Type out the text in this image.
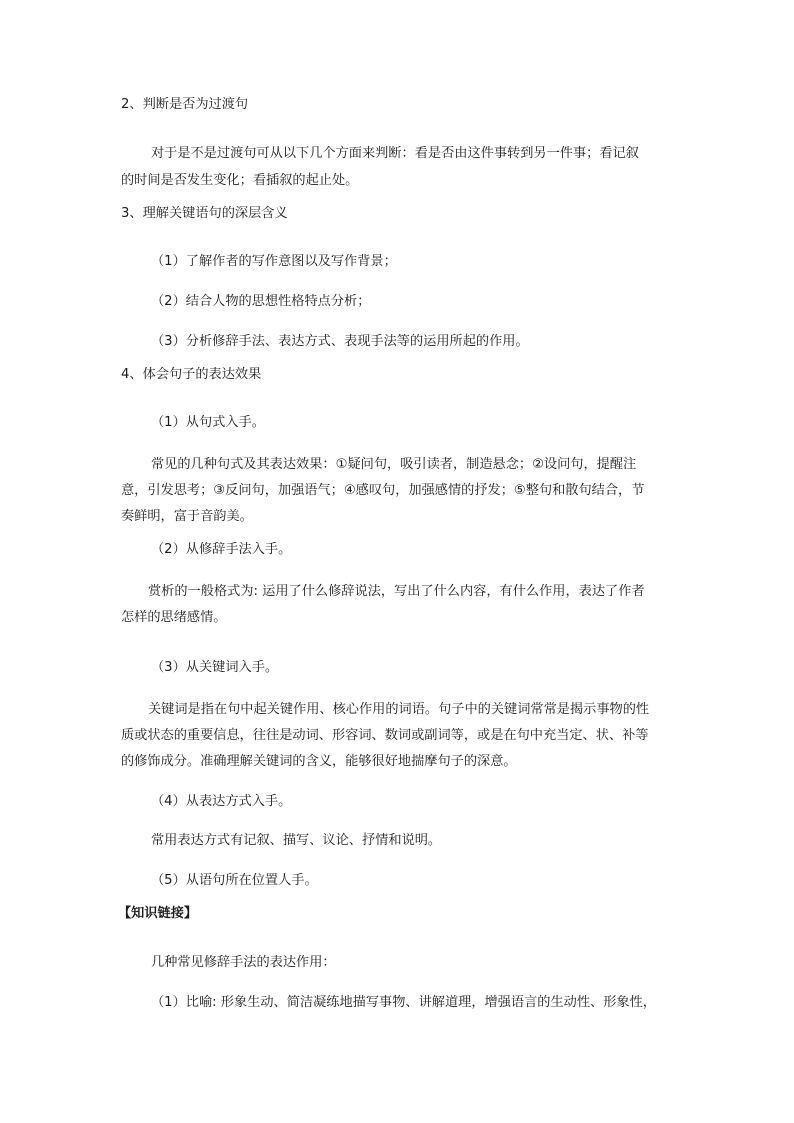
2、判断是否为过渡句
对于是不是过渡句可从以下几个方面来判断：看是否由这件事转到另一件事；看记叙
的时间是否发生变化；看插叙的起止处。
3、理解关键语句的深层含义
（1）了解作者的写作意图以及写作背景；
（2）结合人物的思想性格特点分析；
（3）分析修辞手法、表达方式、表现手法等的运用所起的作用。
4、体会句子的表达效果
（1）从句式入手。
常见的几种句式及其表达效果：①疑问句，吸引读者，制造悬念；②设问句，提醒注
意，引发思考；③反问句，加强语气；④感叹句，加强感情的抒发；⑤整句和散句结合，节
奏鲜明，富于音韵美。
（2）从修辞手法入手。
赏析的一般格式为: 运用了什么修辞说法，写出了什么内容，有什么作用，表达了作者
怎样的思绪感情。
（3）从关键词入手。
关键词是指在句中起关键作用、核心作用的词语。句子中的关键词常常是揭示事物的性
质或状态的重要信息，往往是动词、形容词、数词或副词等，或是在句中充当定、状、补等
的修饰成分。准确理解关键词的含义，能够很好地揣摩句子的深意。
（4）从表达方式入手。
常用表达方式有记叙、描写、议论、抒情和说明。
（5）从语句所在位置人手。
【知识链接】
几种常见修辞手法的表达作用：
（1）比喻: 形象生动、简洁凝练地描写事物、讲解道理，增强语言的生动性、形象性，
